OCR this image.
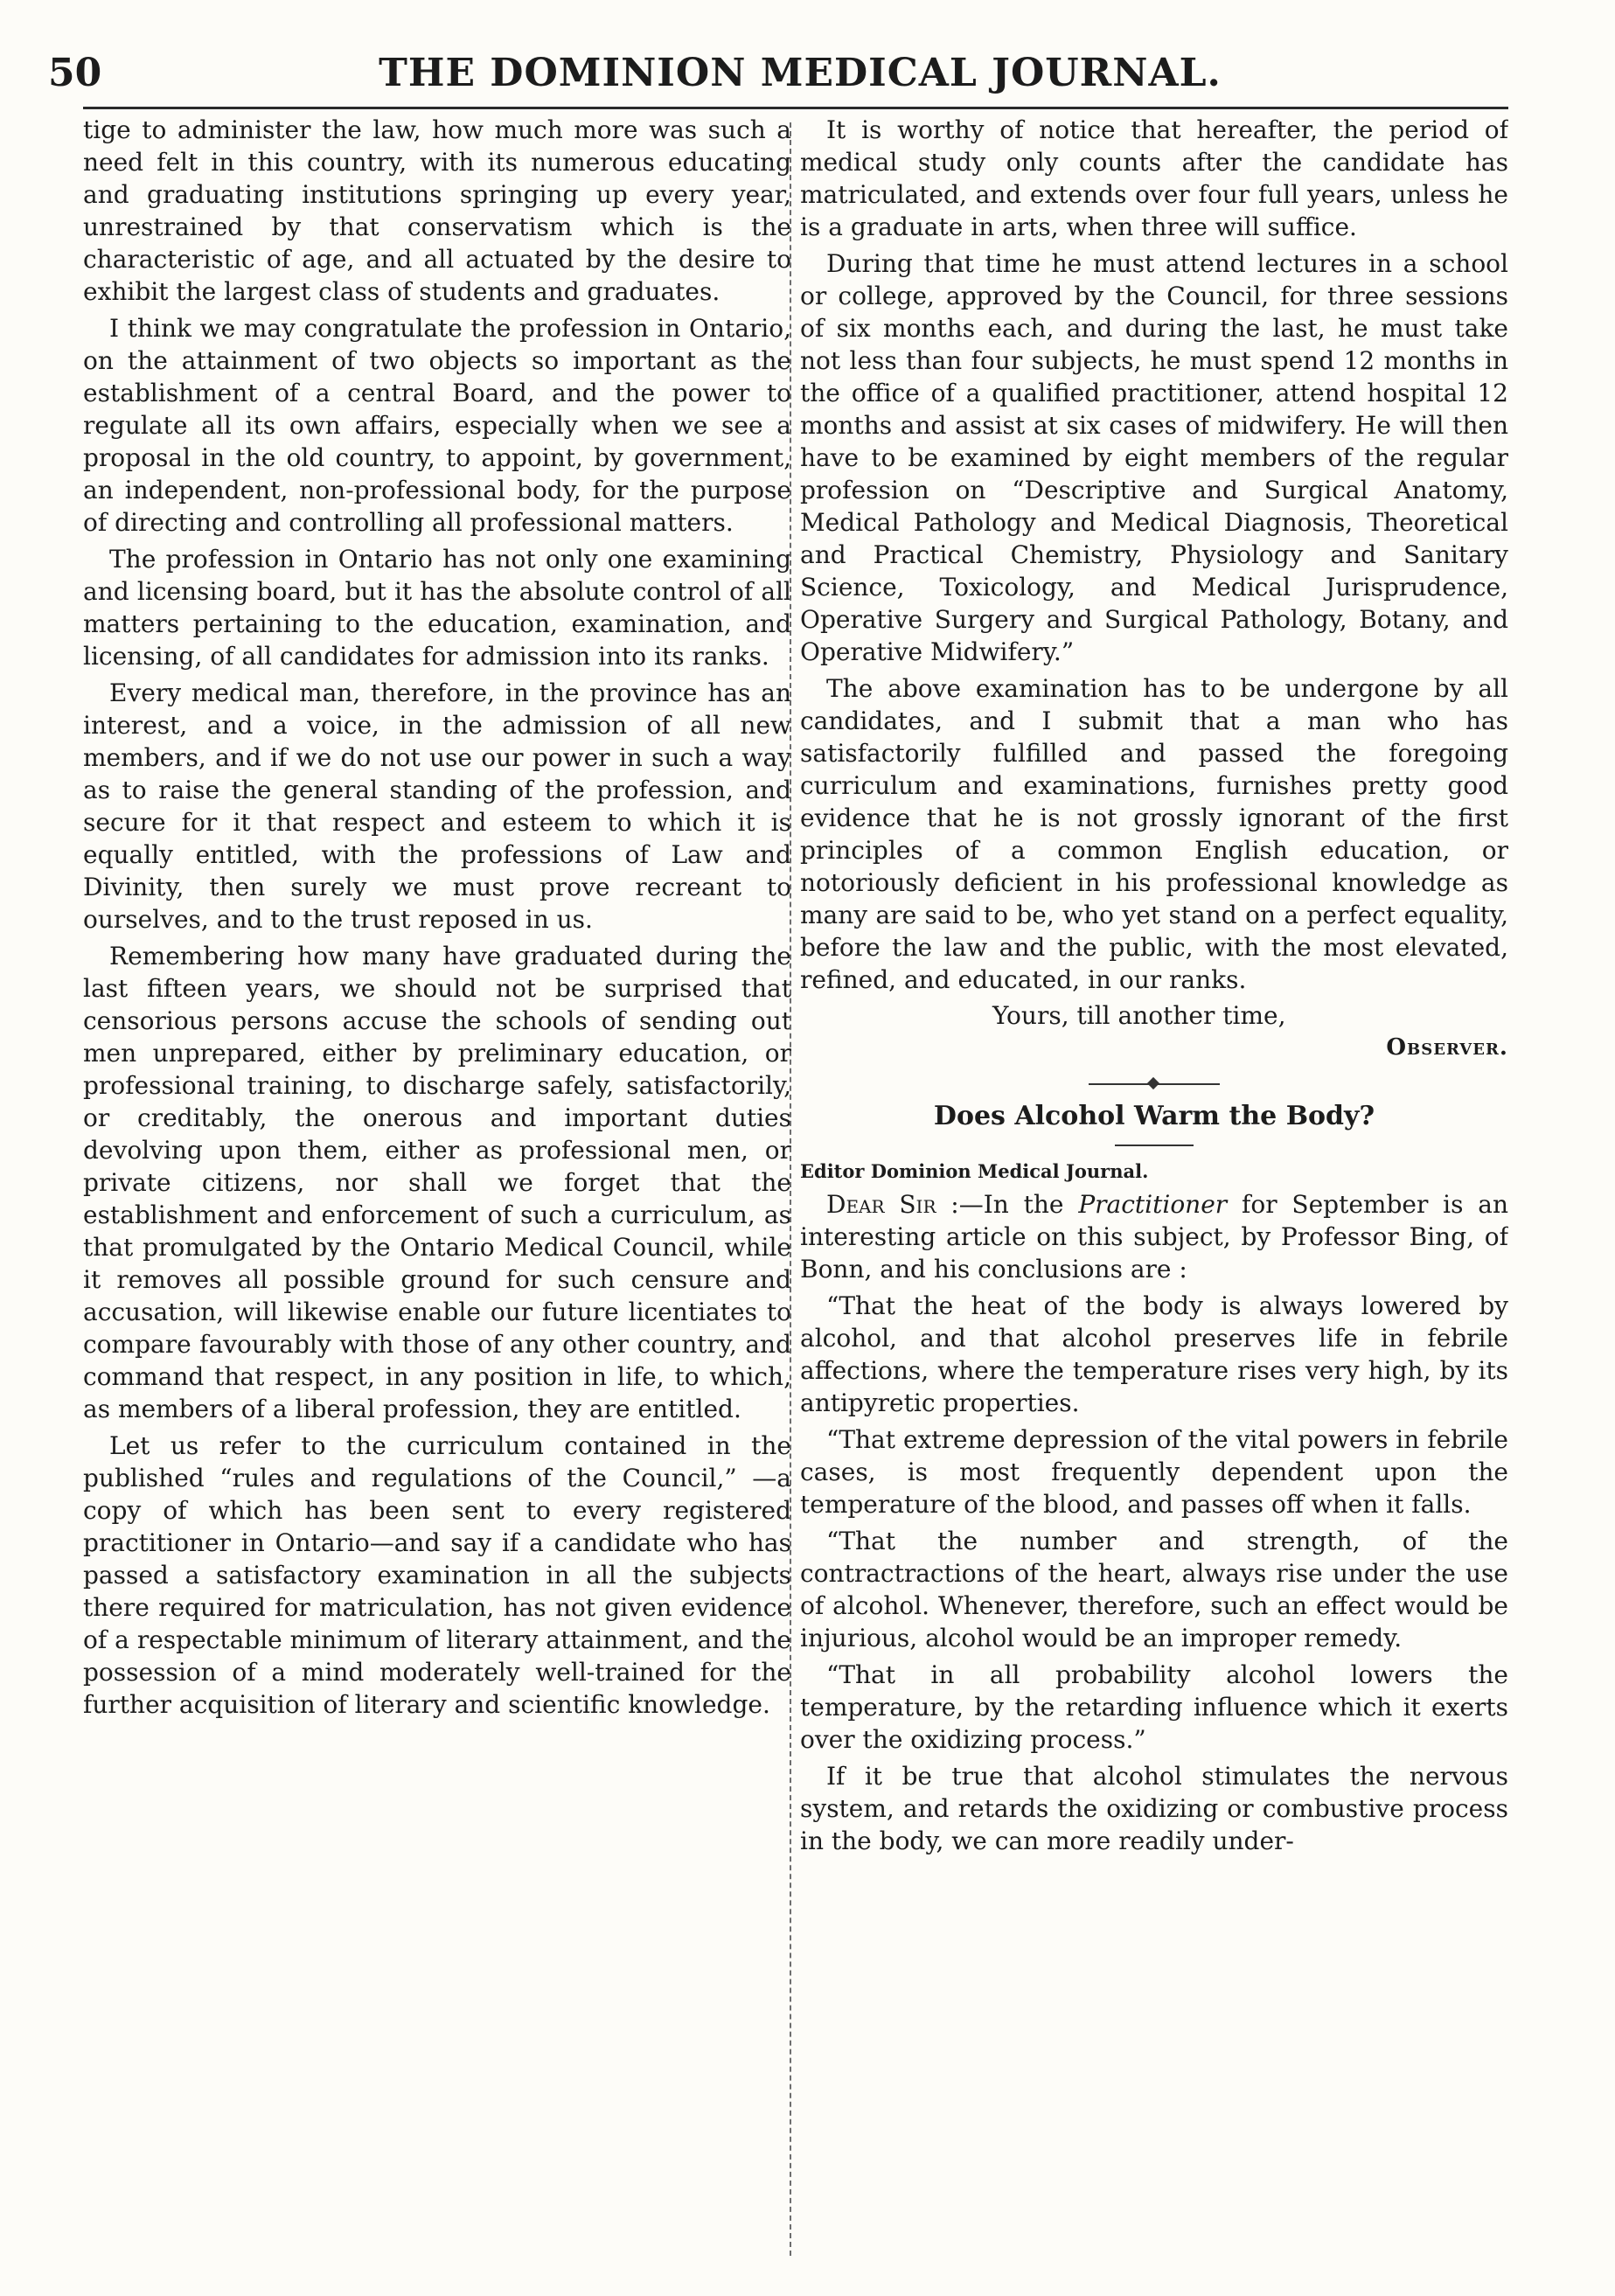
50	THE DOMINION MEDICAL JOURNAL.

tige to administer the law, how much more was such a need felt in this country, with its numerous educating and graduating institutions springing up every year, unrestrained by that conservatism which is the characteristic of age, and all actuated by the desire to exhibit the largest class of students and graduates.

I think we may congratulate the profession in Ontario, on the attainment of two objects so important as the establishment of a central Board, and the power to regulate all its own affairs, especially when we see a proposal in the old country, to appoint, by government, an independent, non-professional body, for the purpose of directing and controlling all professional matters.

The profession in Ontario has not only one examining and licensing board, but it has the absolute control of all matters pertaining to the education, examination, and licensing, of all candidates for admission into its ranks.

Every medical man, therefore, in the province has an interest, and a voice, in the admission of all new members, and if we do not use our power in such a way as to raise the general standing of the profession, and secure for it that respect and esteem to which it is equally entitled, with the professions of Law and Divinity, then surely we must prove recreant to ourselves, and to the trust reposed in us.

Remembering how many have graduated during the last fifteen years, we should not be surprised that censorious persons accuse the schools of sending out men unprepared, either by preliminary education, or professional training, to discharge safely, satisfactorily, or creditably, the onerous and important duties devolving upon them, either as professional men, or private citizens, nor shall we forget that the establishment and enforcement of such a curriculum, as that promulgated by the Ontario Medical Council, while it removes all possible ground for such censure and accusation, will likewise enable our future licentiates to compare favourably with those of any other country, and command that respect, in any position in life, to which, as members of a liberal profession, they are entitled.

Let us refer to the curriculum contained in the published “rules and regulations of the Council,” —a copy of which has been sent to every registered practitioner in Ontario—and say if a candidate who has passed a satisfactory examination in all the subjects there required for matriculation, has not given evidence of a respectable minimum of literary attainment, and the possession of a mind moderately well-trained for the further acquisition of literary and scientific knowledge.

It is worthy of notice that hereafter, the period of medical study only counts after the candidate has matriculated, and extends over four full years, unless he is a graduate in arts, when three will suffice.

During that time he must attend lectures in a school or college, approved by the Council, for three sessions of six months each, and during the last, he must take not less than four subjects, he must spend 12 months in the office of a qualified practitioner, attend hospital 12 months and assist at six cases of midwifery. He will then have to be examined by eight members of the regular profession on “Descriptive and Surgical Anatomy, Medical Pathology and Medical Diagnosis, Theoretical and Practical Chemistry, Physiology and Sanitary Science, Toxicology, and Medical Jurisprudence, Operative Surgery and Surgical Pathology, Botany, and Operative Midwifery.”

The above examination has to be undergone by all candidates, and I submit that a man who has satisfactorily fulfilled and passed the foregoing curriculum and examinations, furnishes pretty good evidence that he is not grossly ignorant of the first principles of a common English education, or notoriously deficient in his professional knowledge as many are said to be, who yet stand on a perfect equality, before the law and the public, with the most elevated, refined, and educated, in our ranks.

Yours, till another time,

Observer.

Does Alcohol Warm the Body?

Editor Dominion Medical Journal.

Dear Sir :—In the Practitioner for September is an interesting article on this subject, by Professor Bing, of Bonn, and his conclusions are :

“That the heat of the body is always lowered by alcohol, and that alcohol preserves life in febrile affections, where the temperature rises very high, by its antipyretic properties.

“That extreme depression of the vital powers in febrile cases, is most frequently dependent upon the temperature of the blood, and passes off when it falls.

“That the number and strength, of the contractractions of the heart, always rise under the use of alcohol. Whenever, therefore, such an effect would be injurious, alcohol would be an improper remedy.

“That in all probability alcohol lowers the temperature, by the retarding influence which it exerts over the oxidizing process.”

If it be true that alcohol stimulates the nervous system, and retards the oxidizing or combustive process in the body, we can more readily under-
